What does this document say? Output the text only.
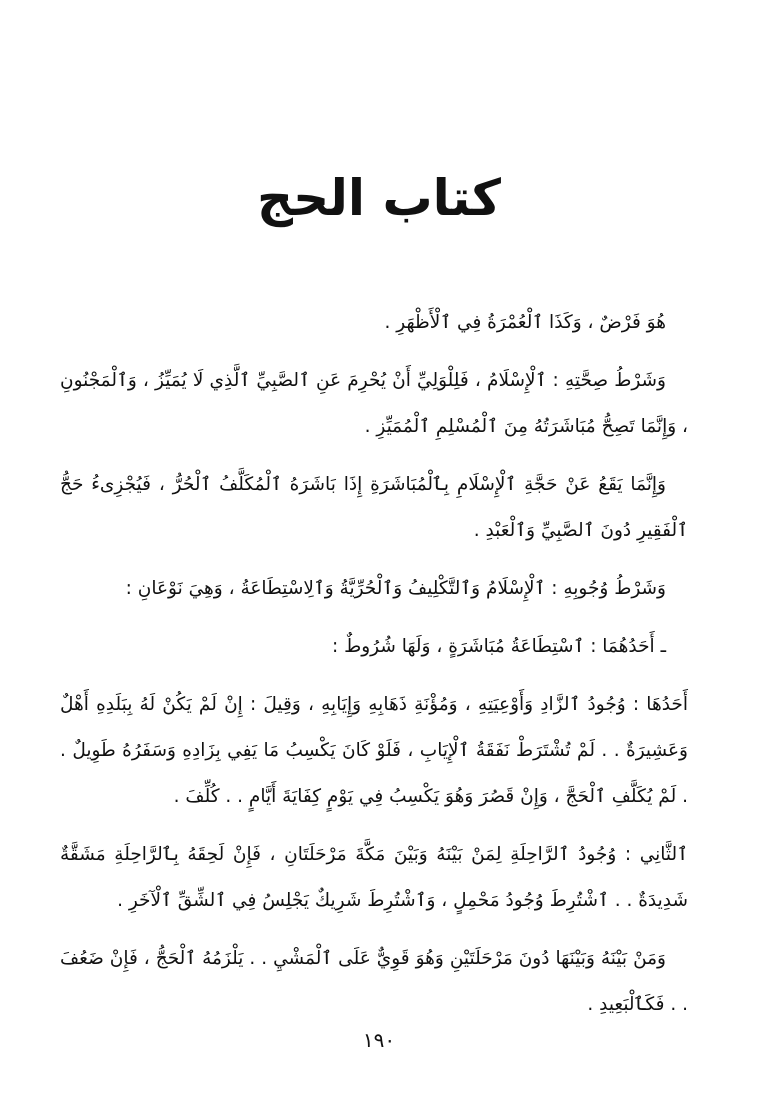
كتاب الحج

هُوَ فَرْضٌ ، وَكَذَا ٱلْعُمْرَةُ فِي ٱلْأَظْهَرِ .

وَشَرْطُ صِحَّتِهِ : ٱلْإِسْلَامُ ، فَلِلْوَلِيِّ أَنْ يُحْرِمَ عَنِ ٱلصَّبِيِّ ٱلَّذِي لَا يُمَيِّزُ ، وَٱلْمَجْنُونِ ، وَإِنَّمَا تَصِحُّ مُبَاشَرَتُهُ مِنَ ٱلْمُسْلِمِ ٱلْمُمَيِّزِ .

وَإِنَّمَا يَقَعُ عَنْ حَجَّةِ ٱلْإِسْلَامِ بِٱلْمُبَاشَرَةِ إِذَا بَاشَرَهُ ٱلْمُكَلَّفُ ٱلْحُرُّ ، فَيُجْزِىءُ حَجُّ ٱلْفَقِيرِ دُونَ ٱلصَّبِيِّ وَٱلْعَبْدِ .

وَشَرْطُ وُجُوبِهِ : ٱلْإِسْلَامُ وَٱلتَّكْلِيفُ وَٱلْحُرِّيَّةُ وَٱلِاسْتِطَاعَةُ ، وَهِيَ نَوْعَانِ :

ـ أَحَدُهُمَا : ٱسْتِطَاعَةُ مُبَاشَرَةٍ ، وَلَهَا شُرُوطٌ :

أَحَدُهَا : وُجُودُ ٱلزَّادِ وَأَوْعِيَتِهِ ، وَمُؤْنَةِ ذَهَابِهِ وَإِيَابِهِ ، وَقِيلَ : إِنْ لَمْ يَكُنْ لَهُ بِبَلَدِهِ أَهْلٌ وَعَشِيرَةٌ . . لَمْ تُشْتَرَطْ نَفَقَةُ ٱلْإِيَابِ ، فَلَوْ كَانَ يَكْسِبُ مَا يَفِي بِزَادِهِ وَسَفَرُهُ طَوِيلٌ . . لَمْ يُكَلَّفِ ٱلْحَجَّ ، وَإِنْ قَصُرَ وَهُوَ يَكْسِبُ فِي يَوْمٍ كِفَايَةَ أَيَّامٍ . . كُلِّفَ .

ٱلثَّانِي : وُجُودُ ٱلرَّاحِلَةِ لِمَنْ بَيْنَهُ وَبَيْنَ مَكَّةَ مَرْحَلَتَانِ ، فَإِنْ لَحِقَهُ بِٱلرَّاحِلَةِ مَشَقَّةٌ شَدِيدَةٌ . . ٱشْتُرِطَ وُجُودُ مَحْمِلٍ ، وَٱشْتُرِطَ شَرِيكٌ يَجْلِسُ فِي ٱلشِّقِّ ٱلْآخَرِ .

وَمَنْ بَيْنَهُ وَبَيْنَهَا دُونَ مَرْحَلَتَيْنِ وَهُوَ قَوِيٌّ عَلَى ٱلْمَشْيِ . . يَلْزَمُهُ ٱلْحَجُّ ، فَإِنْ ضَعُفَ . . فَكَٱلْبَعِيدِ .

١٩٠
